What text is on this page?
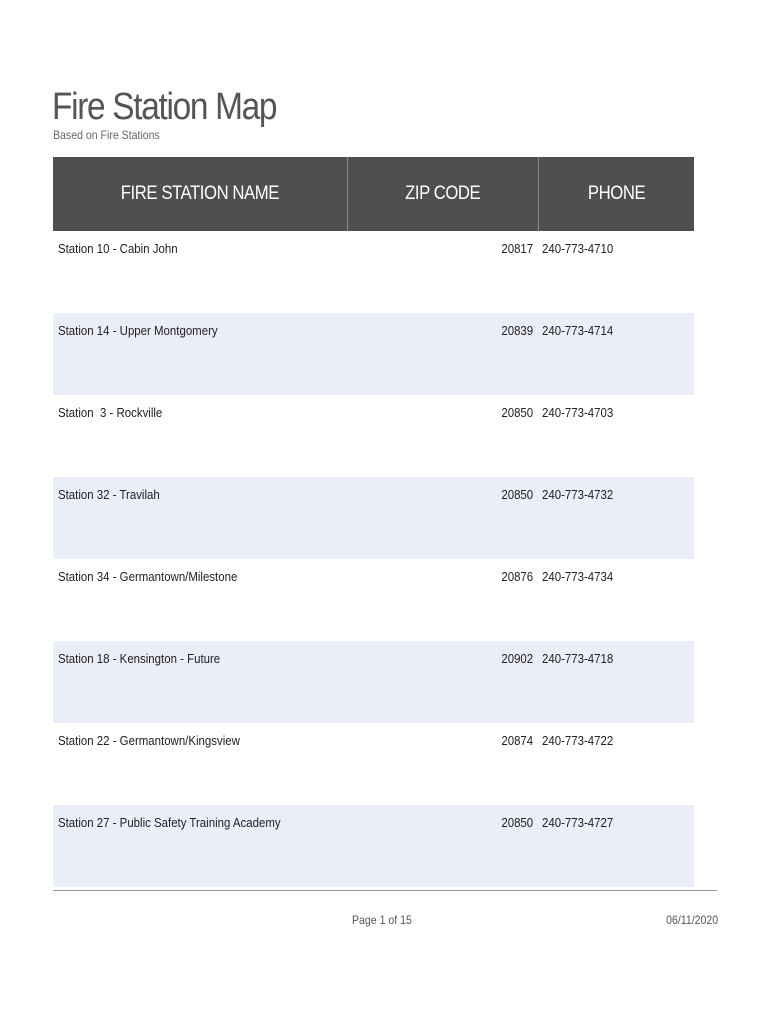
Fire Station Map
Based on Fire Stations
FIRE STATION NAME	ZIP CODE	PHONE
Station 10 - Cabin John	20817 240-773-4710
Station 14 - Upper Montgomery	20839 240-773-4714
Station  3 - Rockville	20850 240-773-4703
Station 32 - Travilah	20850 240-773-4732
Station 34 - Germantown/Milestone	20876 240-773-4734
Station 18 - Kensington - Future	20902 240-773-4718
Station 22 - Germantown/Kingsview	20874 240-773-4722
Station 27 - Public Safety Training Academy	20850 240-773-4727
Page 1 of 15	06/11/2020
